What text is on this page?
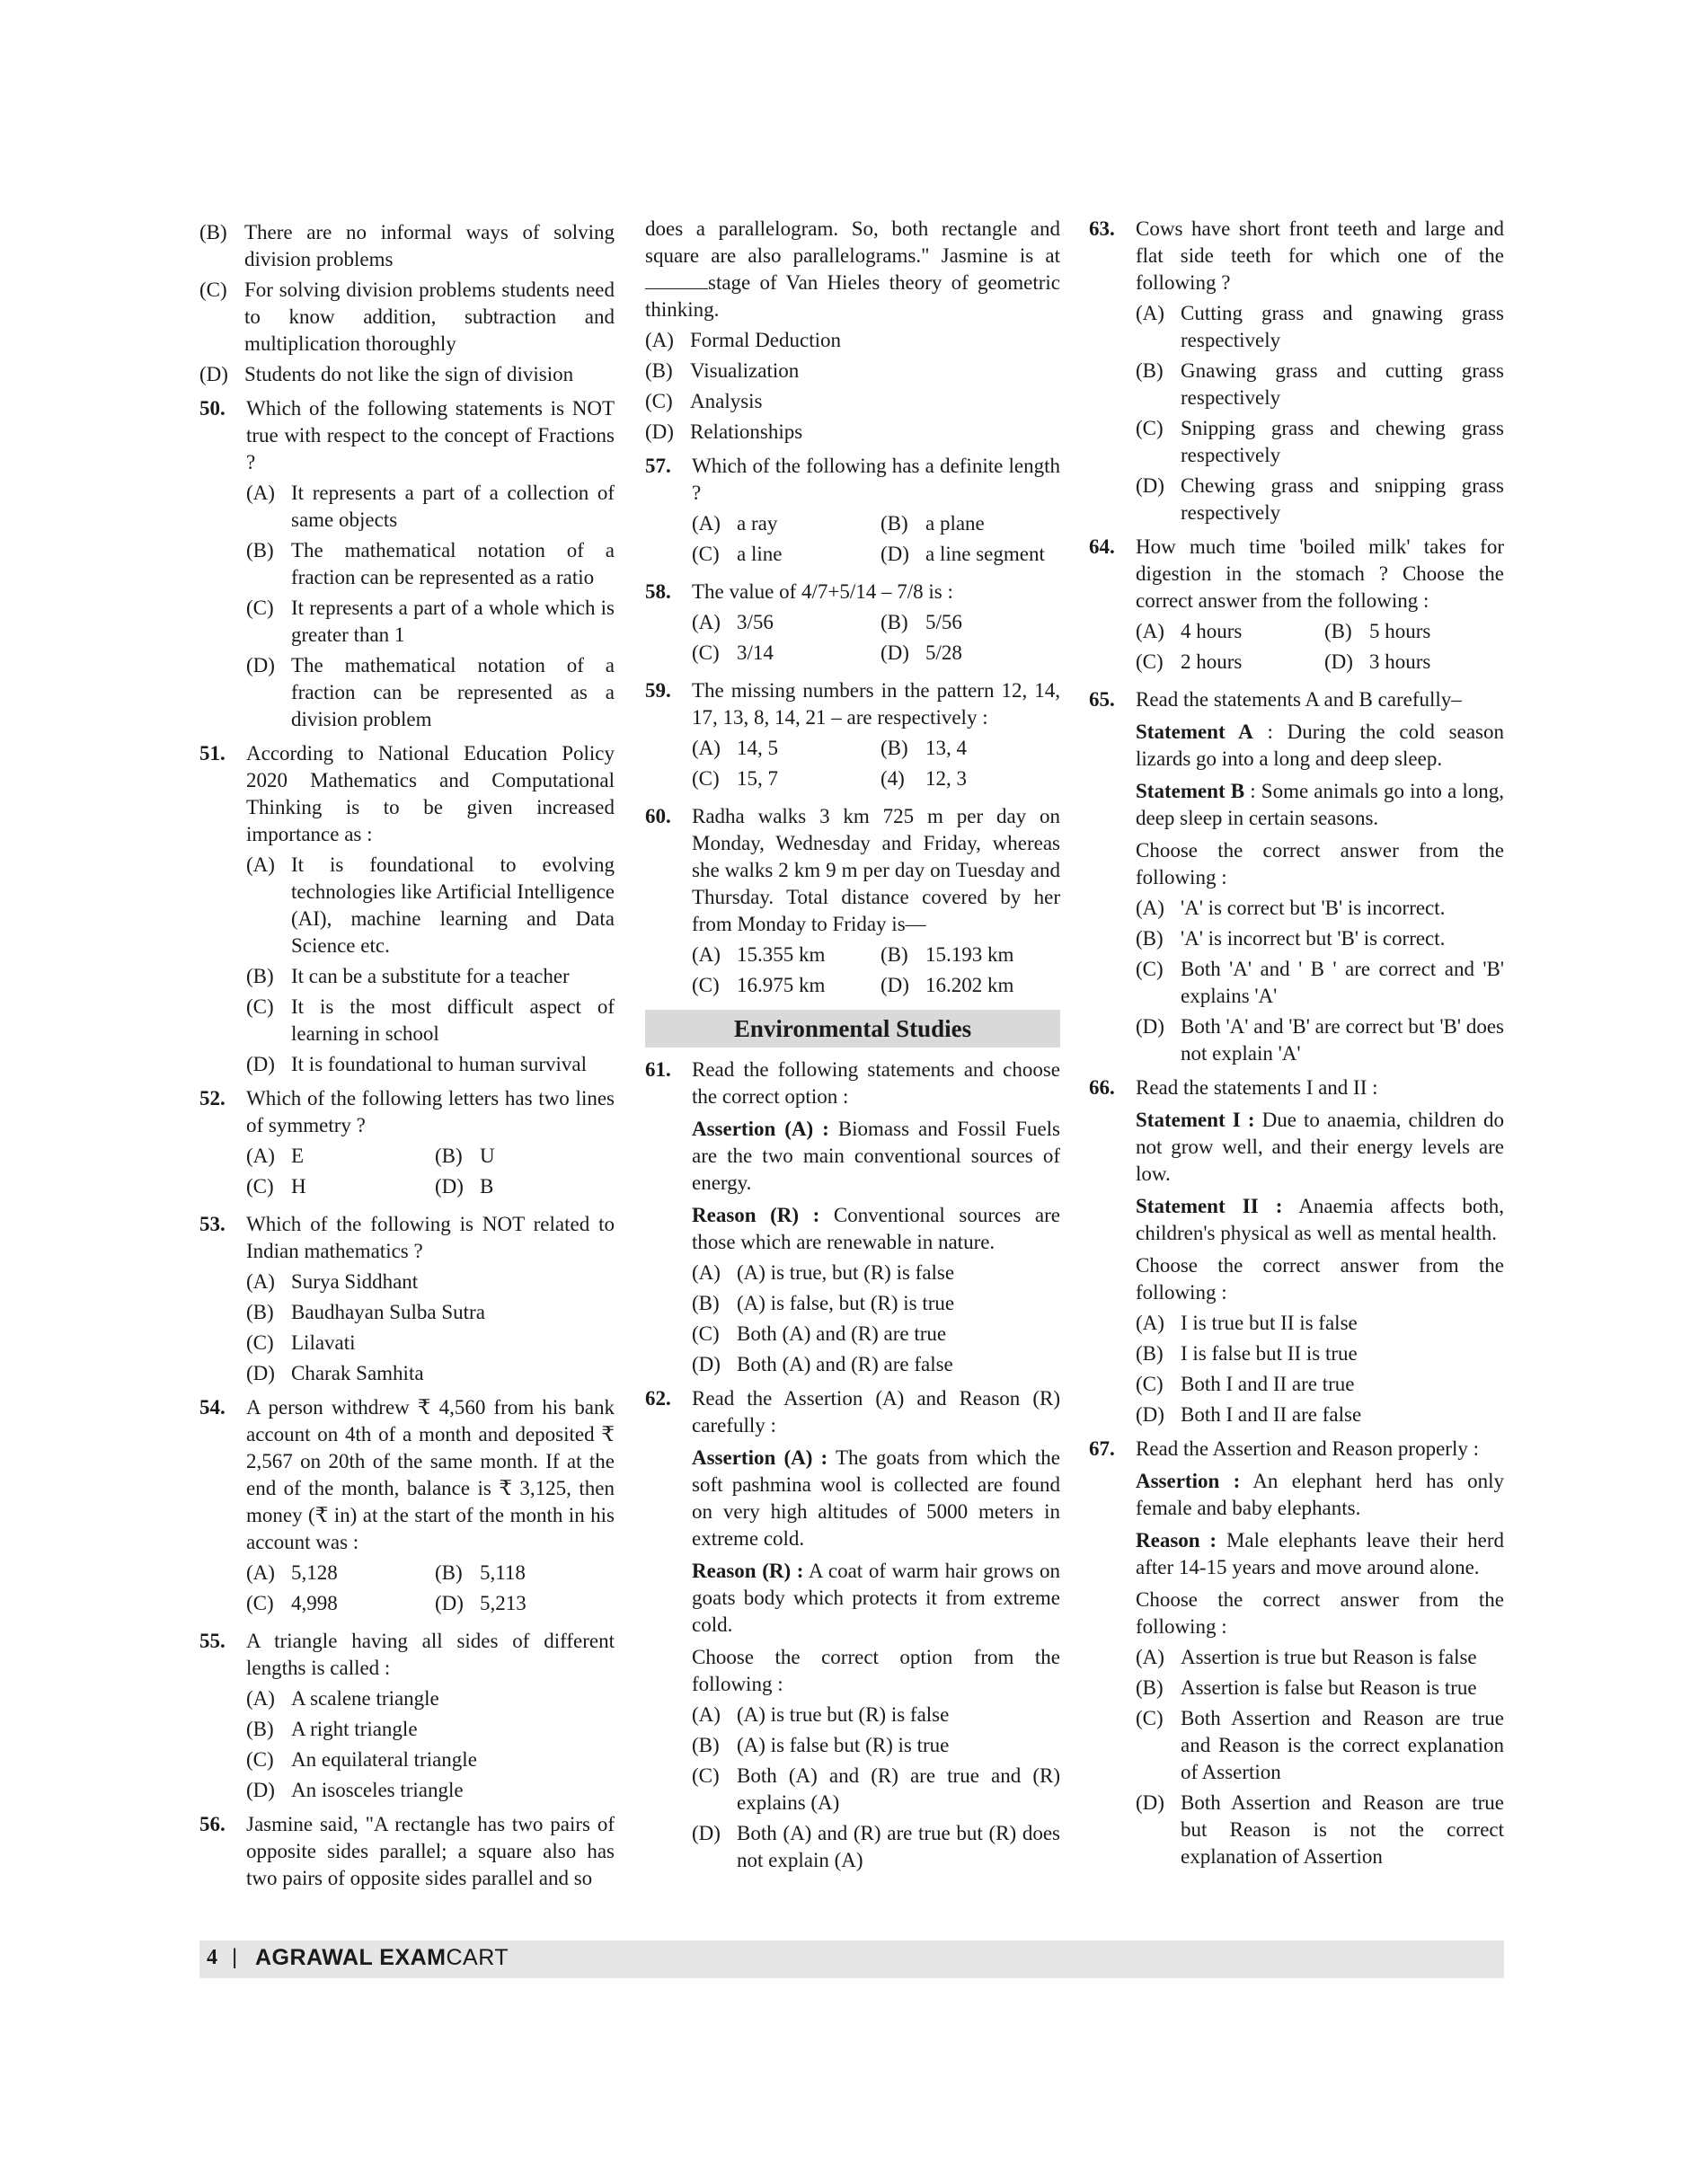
(B) There are no informal ways of solving division problems
(C) For solving division problems students need to know addition, subtraction and multiplication thoroughly
(D) Students do not like the sign of division
50. Which of the following statements is NOT true with respect to the concept of Fractions ?
(A) It represents a part of a collection of same objects
(B) The mathematical notation of a fraction can be represented as a ratio
(C) It represents a part of a whole which is greater than 1
(D) The mathematical notation of a fraction can be represented as a division problem
51. According to National Education Policy 2020 Mathematics and Computational Thinking is to be given increased importance as :
(A) It is foundational to evolving technologies like Artificial Intelligence (AI), machine learning and Data Science etc.
(B) It can be a substitute for a teacher
(C) It is the most difficult aspect of learning in school
(D) It is foundational to human survival
52. Which of the following letters has two lines of symmetry ?
(A) E	(B) U
(C) H	(D) B
53. Which of the following is NOT related to Indian mathematics ?
(A) Surya Siddhant
(B) Baudhayan Sulba Sutra
(C) Lilavati
(D) Charak Samhita
54. A person withdrew ₹ 4,560 from his bank account on 4th of a month and deposited ₹ 2,567 on 20th of the same month. If at the end of the month, balance is ₹ 3,125, then money (₹ in) at the start of the month in his account was :
(A) 5,128	(B) 5,118
(C) 4,998	(D) 5,213
55. A triangle having all sides of different lengths is called :
(A) A scalene triangle
(B) A right triangle
(C) An equilateral triangle
(D) An isosceles triangle
56. Jasmine said, "A rectangle has two pairs of opposite sides parallel; a square also has two pairs of opposite sides parallel and so
does a parallelogram. So, both rectangle and square are also parallelograms." Jasmine is at stage of Van Hieles theory of geometric thinking.
(A) Formal Deduction
(B) Visualization
(C) Analysis
(D) Relationships
57. Which of the following has a definite length ?
(A) a ray	(B) a plane
(C) a line	(D) a line segment
58. The value of 4/7+5/14 – 7/8 is :
(A) 3/56	(B) 5/56
(C) 3/14	(D) 5/28
59. The missing numbers in the pattern 12, 14, 17, 13, 8, 14, 21 – are respectively :
(A) 14, 5	(B) 13, 4
(C) 15, 7	(4) 12, 3
60. Radha walks 3 km 725 m per day on Monday, Wednesday and Friday, whereas she walks 2 km 9 m per day on Tuesday and Thursday. Total distance covered by her from Monday to Friday is—
(A) 15.355 km	(B) 15.193 km
(C) 16.975 km	(D) 16.202 km
Environmental Studies
61. Read the following statements and choose the correct option :
Assertion (A) : Biomass and Fossil Fuels are the two main conventional sources of energy.
Reason (R) : Conventional sources are those which are renewable in nature.
(A) (A) is true, but (R) is false
(B) (A) is false, but (R) is true
(C) Both (A) and (R) are true
(D) Both (A) and (R) are false
62. Read the Assertion (A) and Reason (R) carefully :
Assertion (A) : The goats from which the soft pashmina wool is collected are found on very high altitudes of 5000 meters in extreme cold.
Reason (R) : A coat of warm hair grows on goats body which protects it from extreme cold.
Choose the correct option from the following :
(A) (A) is true but (R) is false
(B) (A) is false but (R) is true
(C) Both (A) and (R) are true and (R) explains (A)
(D) Both (A) and (R) are true but (R) does not explain (A)
63. Cows have short front teeth and large and flat side teeth for which one of the following ?
(A) Cutting grass and gnawing grass respectively
(B) Gnawing grass and cutting grass respectively
(C) Snipping grass and chewing grass respectively
(D) Chewing grass and snipping grass respectively
64. How much time 'boiled milk' takes for digestion in the stomach ? Choose the correct answer from the following :
(A) 4 hours	(B) 5 hours
(C) 2 hours	(D) 3 hours
65. Read the statements A and B carefully–
Statement A : During the cold season lizards go into a long and deep sleep.
Statement B : Some animals go into a long, deep sleep in certain seasons.
Choose the correct answer from the following :
(A) 'A' is correct but 'B' is incorrect.
(B) 'A' is incorrect but 'B' is correct.
(C) Both 'A' and ' B ' are correct and 'B' explains 'A'
(D) Both 'A' and 'B' are correct but 'B' does not explain 'A'
66. Read the statements I and II :
Statement I : Due to anaemia, children do not grow well, and their energy levels are low.
Statement II : Anaemia affects both, children's physical as well as mental health.
Choose the correct answer from the following :
(A) I is true but II is false
(B) I is false but II is true
(C) Both I and II are true
(D) Both I and II are false
67. Read the Assertion and Reason properly :
Assertion : An elephant herd has only female and baby elephants.
Reason : Male elephants leave their herd after 14-15 years and move around alone.
Choose the correct answer from the following :
(A) Assertion is true but Reason is false
(B) Assertion is false but Reason is true
(C) Both Assertion and Reason are true and Reason is the correct explanation of Assertion
(D) Both Assertion and Reason are true but Reason is not the correct explanation of Assertion
4 | AGRAWAL EXAMCART
